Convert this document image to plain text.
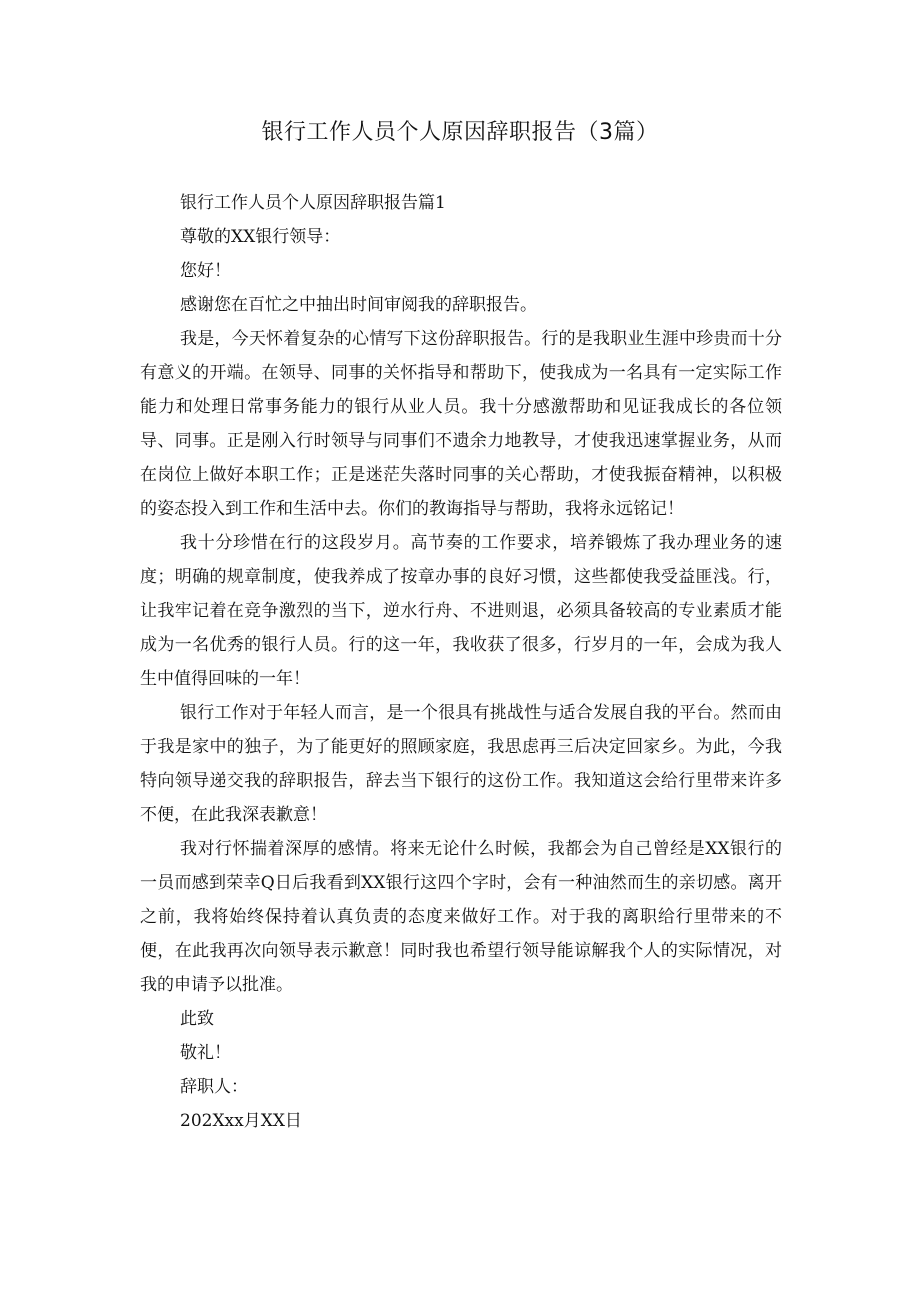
银行工作人员个人原因辞职报告（3篇）

银行工作人员个人原因辞职报告篇1

尊敬的XX银行领导：

您好！

感谢您在百忙之中抽出时间审阅我的辞职报告。

我是，今天怀着复杂的心情写下这份辞职报告。行的是我职业生涯中珍贵而十分有意义的开端。在领导、同事的关怀指导和帮助下，使我成为一名具有一定实际工作能力和处理日常事务能力的银行从业人员。我十分感激帮助和见证我成长的各位领导、同事。正是刚入行时领导与同事们不遗余力地教导，才使我迅速掌握业务，从而在岗位上做好本职工作；正是迷茫失落时同事的关心帮助，才使我振奋精神，以积极的姿态投入到工作和生活中去。你们的教诲指导与帮助，我将永远铭记！

我十分珍惜在行的这段岁月。高节奏的工作要求，培养锻炼了我办理业务的速度；明确的规章制度，使我养成了按章办事的良好习惯，这些都使我受益匪浅。行，让我牢记着在竞争激烈的当下，逆水行舟、不进则退，必须具备较高的专业素质才能成为一名优秀的银行人员。行的这一年，我收获了很多，行岁月的一年，会成为我人生中值得回味的一年！

银行工作对于年轻人而言，是一个很具有挑战性与适合发展自我的平台。然而由于我是家中的独子，为了能更好的照顾家庭，我思虑再三后决定回家乡。为此，今我特向领导递交我的辞职报告，辞去当下银行的这份工作。我知道这会给行里带来许多不便，在此我深表歉意！

我对行怀揣着深厚的感情。将来无论什么时候，我都会为自己曾经是XX银行的一员而感到荣幸Q日后我看到XX银行这四个字时，会有一种油然而生的亲切感。离开之前，我将始终保持着认真负责的态度来做好工作。对于我的离职给行里带来的不便，在此我再次向领导表示歉意！同时我也希望行领导能谅解我个人的实际情况，对我的申请予以批准。

此致

敬礼！

辞职人：

202Xxx月XX日
